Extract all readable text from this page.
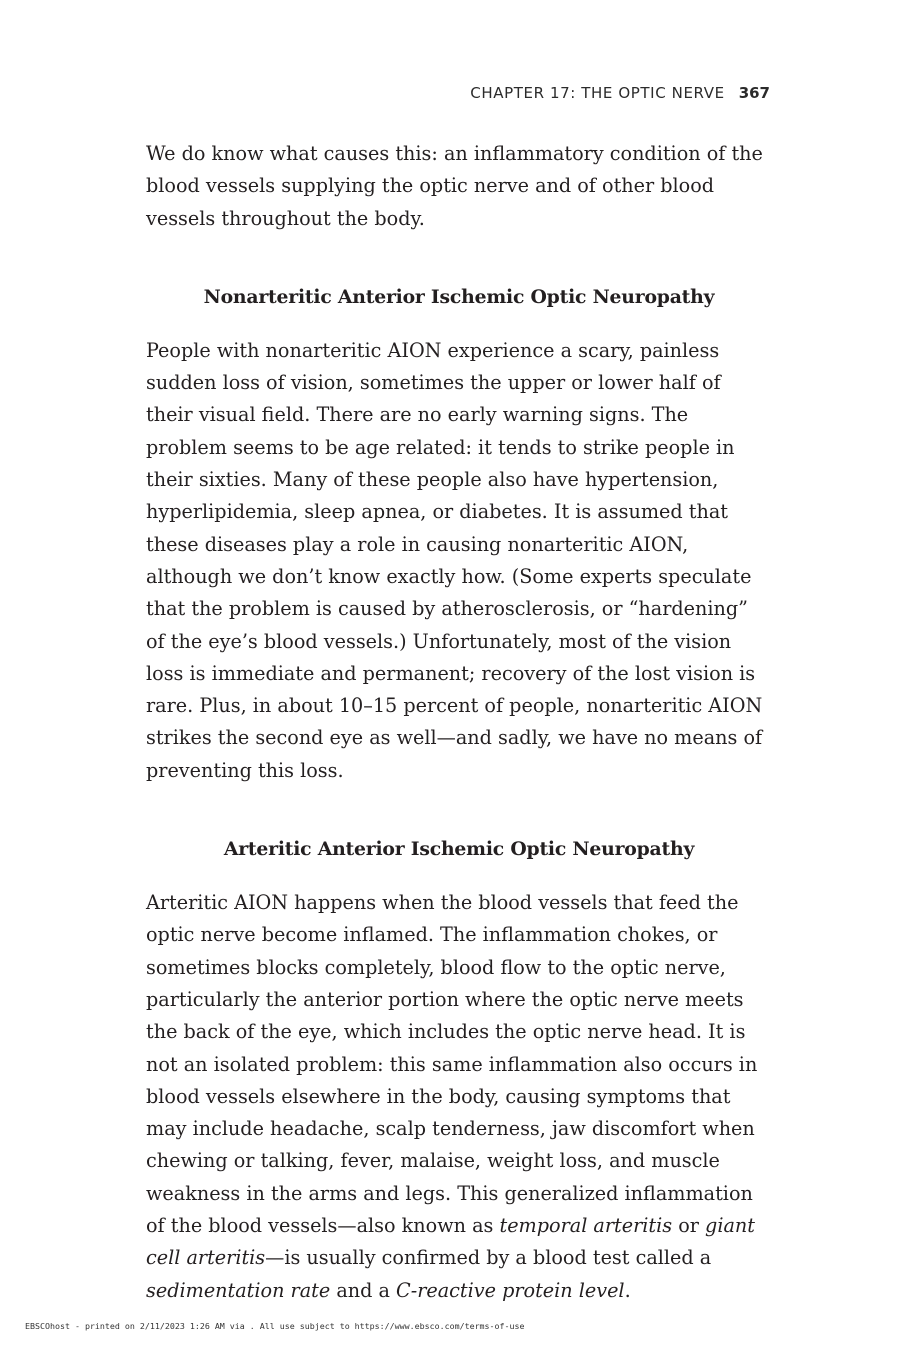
CHAPTER 17: THE OPTIC NERVE 367

We do know what causes this: an inflammatory condition of the blood vessels supplying the optic nerve and of other blood vessels throughout the body.

Nonarteritic Anterior Ischemic Optic Neuropathy

People with nonarteritic AION experience a scary, painless sudden loss of vision, sometimes the upper or lower half of their visual field. There are no early warning signs. The problem seems to be age related: it tends to strike people in their sixties. Many of these people also have hypertension, hyperlipidemia, sleep apnea, or diabetes. It is assumed that these diseases play a role in causing nonarteritic AION, although we don’t know exactly how. (Some experts speculate that the problem is caused by atherosclerosis, or “hardening” of the eye’s blood vessels.) Unfortunately, most of the vision loss is immediate and permanent; recovery of the lost vision is rare. Plus, in about 10–15 percent of people, nonarteritic AION strikes the second eye as well—and sadly, we have no means of preventing this loss.

Arteritic Anterior Ischemic Optic Neuropathy

Arteritic AION happens when the blood vessels that feed the optic nerve become inflamed. The inflammation chokes, or sometimes blocks completely, blood flow to the optic nerve, particularly the anterior portion where the optic nerve meets the back of the eye, which includes the optic nerve head. It is not an isolated problem: this same inflammation also occurs in blood vessels elsewhere in the body, causing symptoms that may include headache, scalp tenderness, jaw discomfort when chewing or talking, fever, malaise, weight loss, and muscle weakness in the arms and legs. This generalized inflammation of the blood vessels—also known as temporal arteritis or giant cell arteritis—is usually confirmed by a blood test called a sedimentation rate and a C-reactive protein level.

EBSCOhost - printed on 2/11/2023 1:26 AM via . All use subject to https://www.ebsco.com/terms-of-use
